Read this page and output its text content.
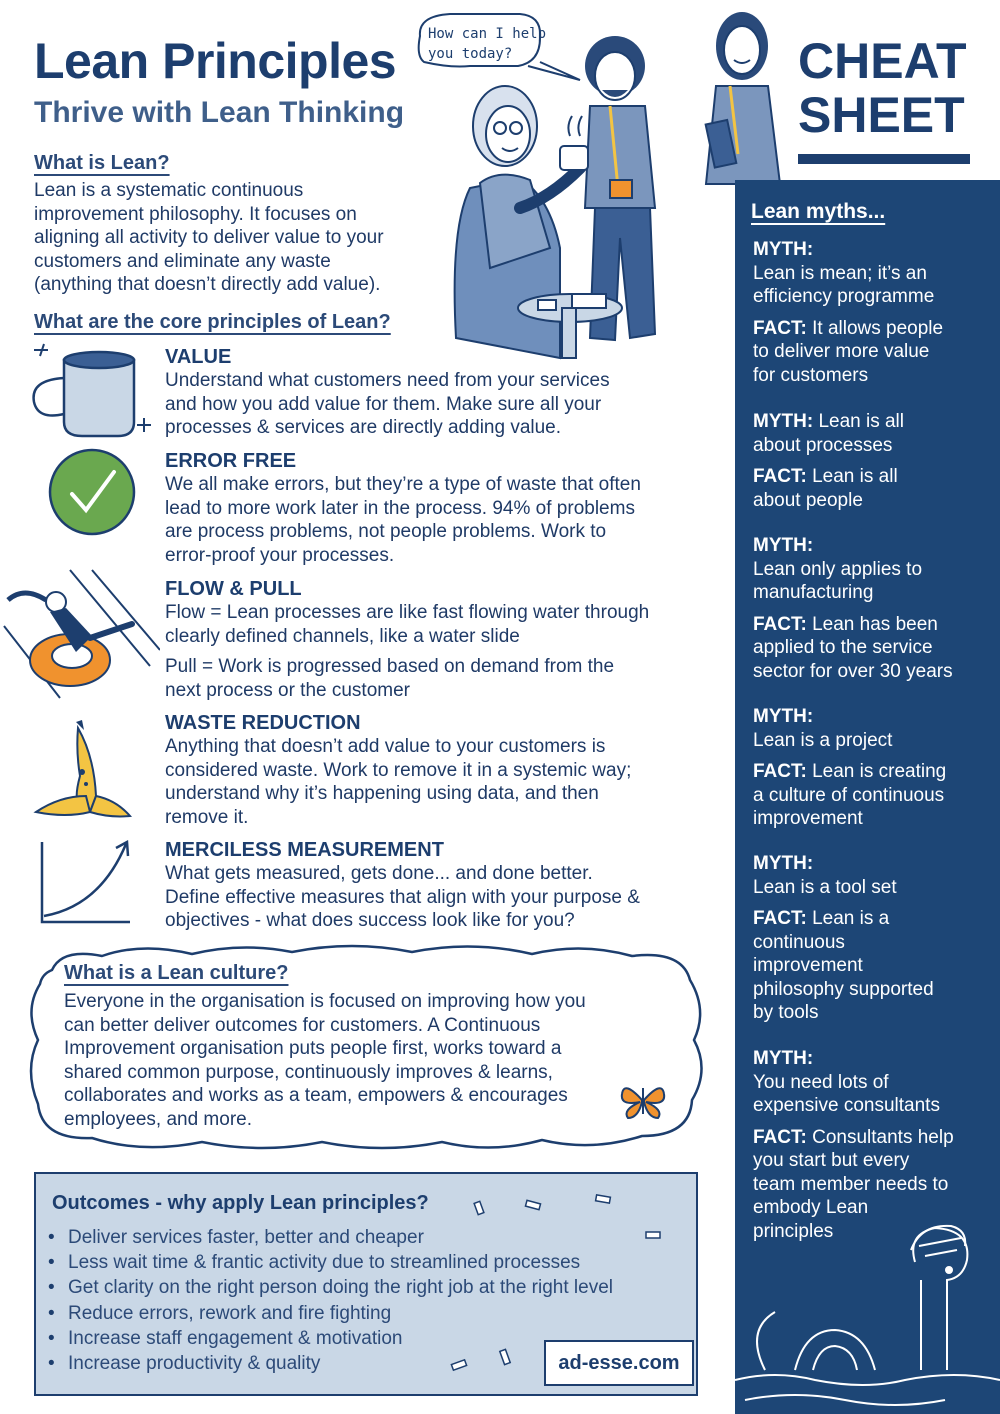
Lean Principles
Thrive with Lean Thinking
CHEAT
SHEET
How can I help
you today?
What is Lean?
Lean is a systematic continuous
improvement philosophy. It focuses on
aligning all activity to deliver value to your
customers and eliminate any waste
(anything that doesn’t directly add value).
What are the core principles of Lean?
VALUE
Understand what customers need from your services
and how you add value for them. Make sure all your
processes & services are directly adding value.
ERROR FREE
We all make errors, but they’re a type of waste that often
lead to more work later in the process. 94% of problems
are process problems, not people problems. Work to
error-proof your processes.
FLOW & PULL
Flow = Lean processes are like fast flowing water through
clearly defined channels, like a water slide
Pull = Work is progressed based on demand from the
next process or the customer
WASTE REDUCTION
Anything that doesn’t add value to your customers is
considered waste. Work to remove it in a systemic way;
understand why it’s happening using data, and then
remove it.
MERCILESS MEASUREMENT
What gets measured, gets done... and done better.
Define effective measures that align with your purpose &
objectives - what does success look like for you?
What is a Lean culture?
Everyone in the organisation is focused on improving how you
can better deliver outcomes for customers. A Continuous
Improvement organisation puts people first, works toward a
shared common purpose, continuously improves & learns,
collaborates and works as a team, empowers & encourages
employees, and more.
Outcomes - why apply Lean principles?
• Deliver services faster, better and cheaper
• Less wait time & frantic activity due to streamlined processes
• Get clarity on the right person doing the right job at the right level
• Reduce errors, rework and fire fighting
• Increase staff engagement & motivation
• Increase productivity & quality	ad-esse.com
Lean myths...
MYTH:
Lean is mean; it’s an
efficiency programme
FACT: It allows people
to deliver more value
for customers
MYTH: Lean is all
about processes
FACT: Lean is all
about people
MYTH:
Lean only applies to
manufacturing
FACT: Lean has been
applied to the service
sector for over 30 years
MYTH:
Lean is a project
FACT: Lean is creating
a culture of continuous
improvement
MYTH:
Lean is a tool set
FACT: Lean is a
continuous
improvement
philosophy supported
by tools
MYTH:
You need lots of
expensive consultants
FACT: Consultants help
you start but every
team member needs to
embody Lean
principles
